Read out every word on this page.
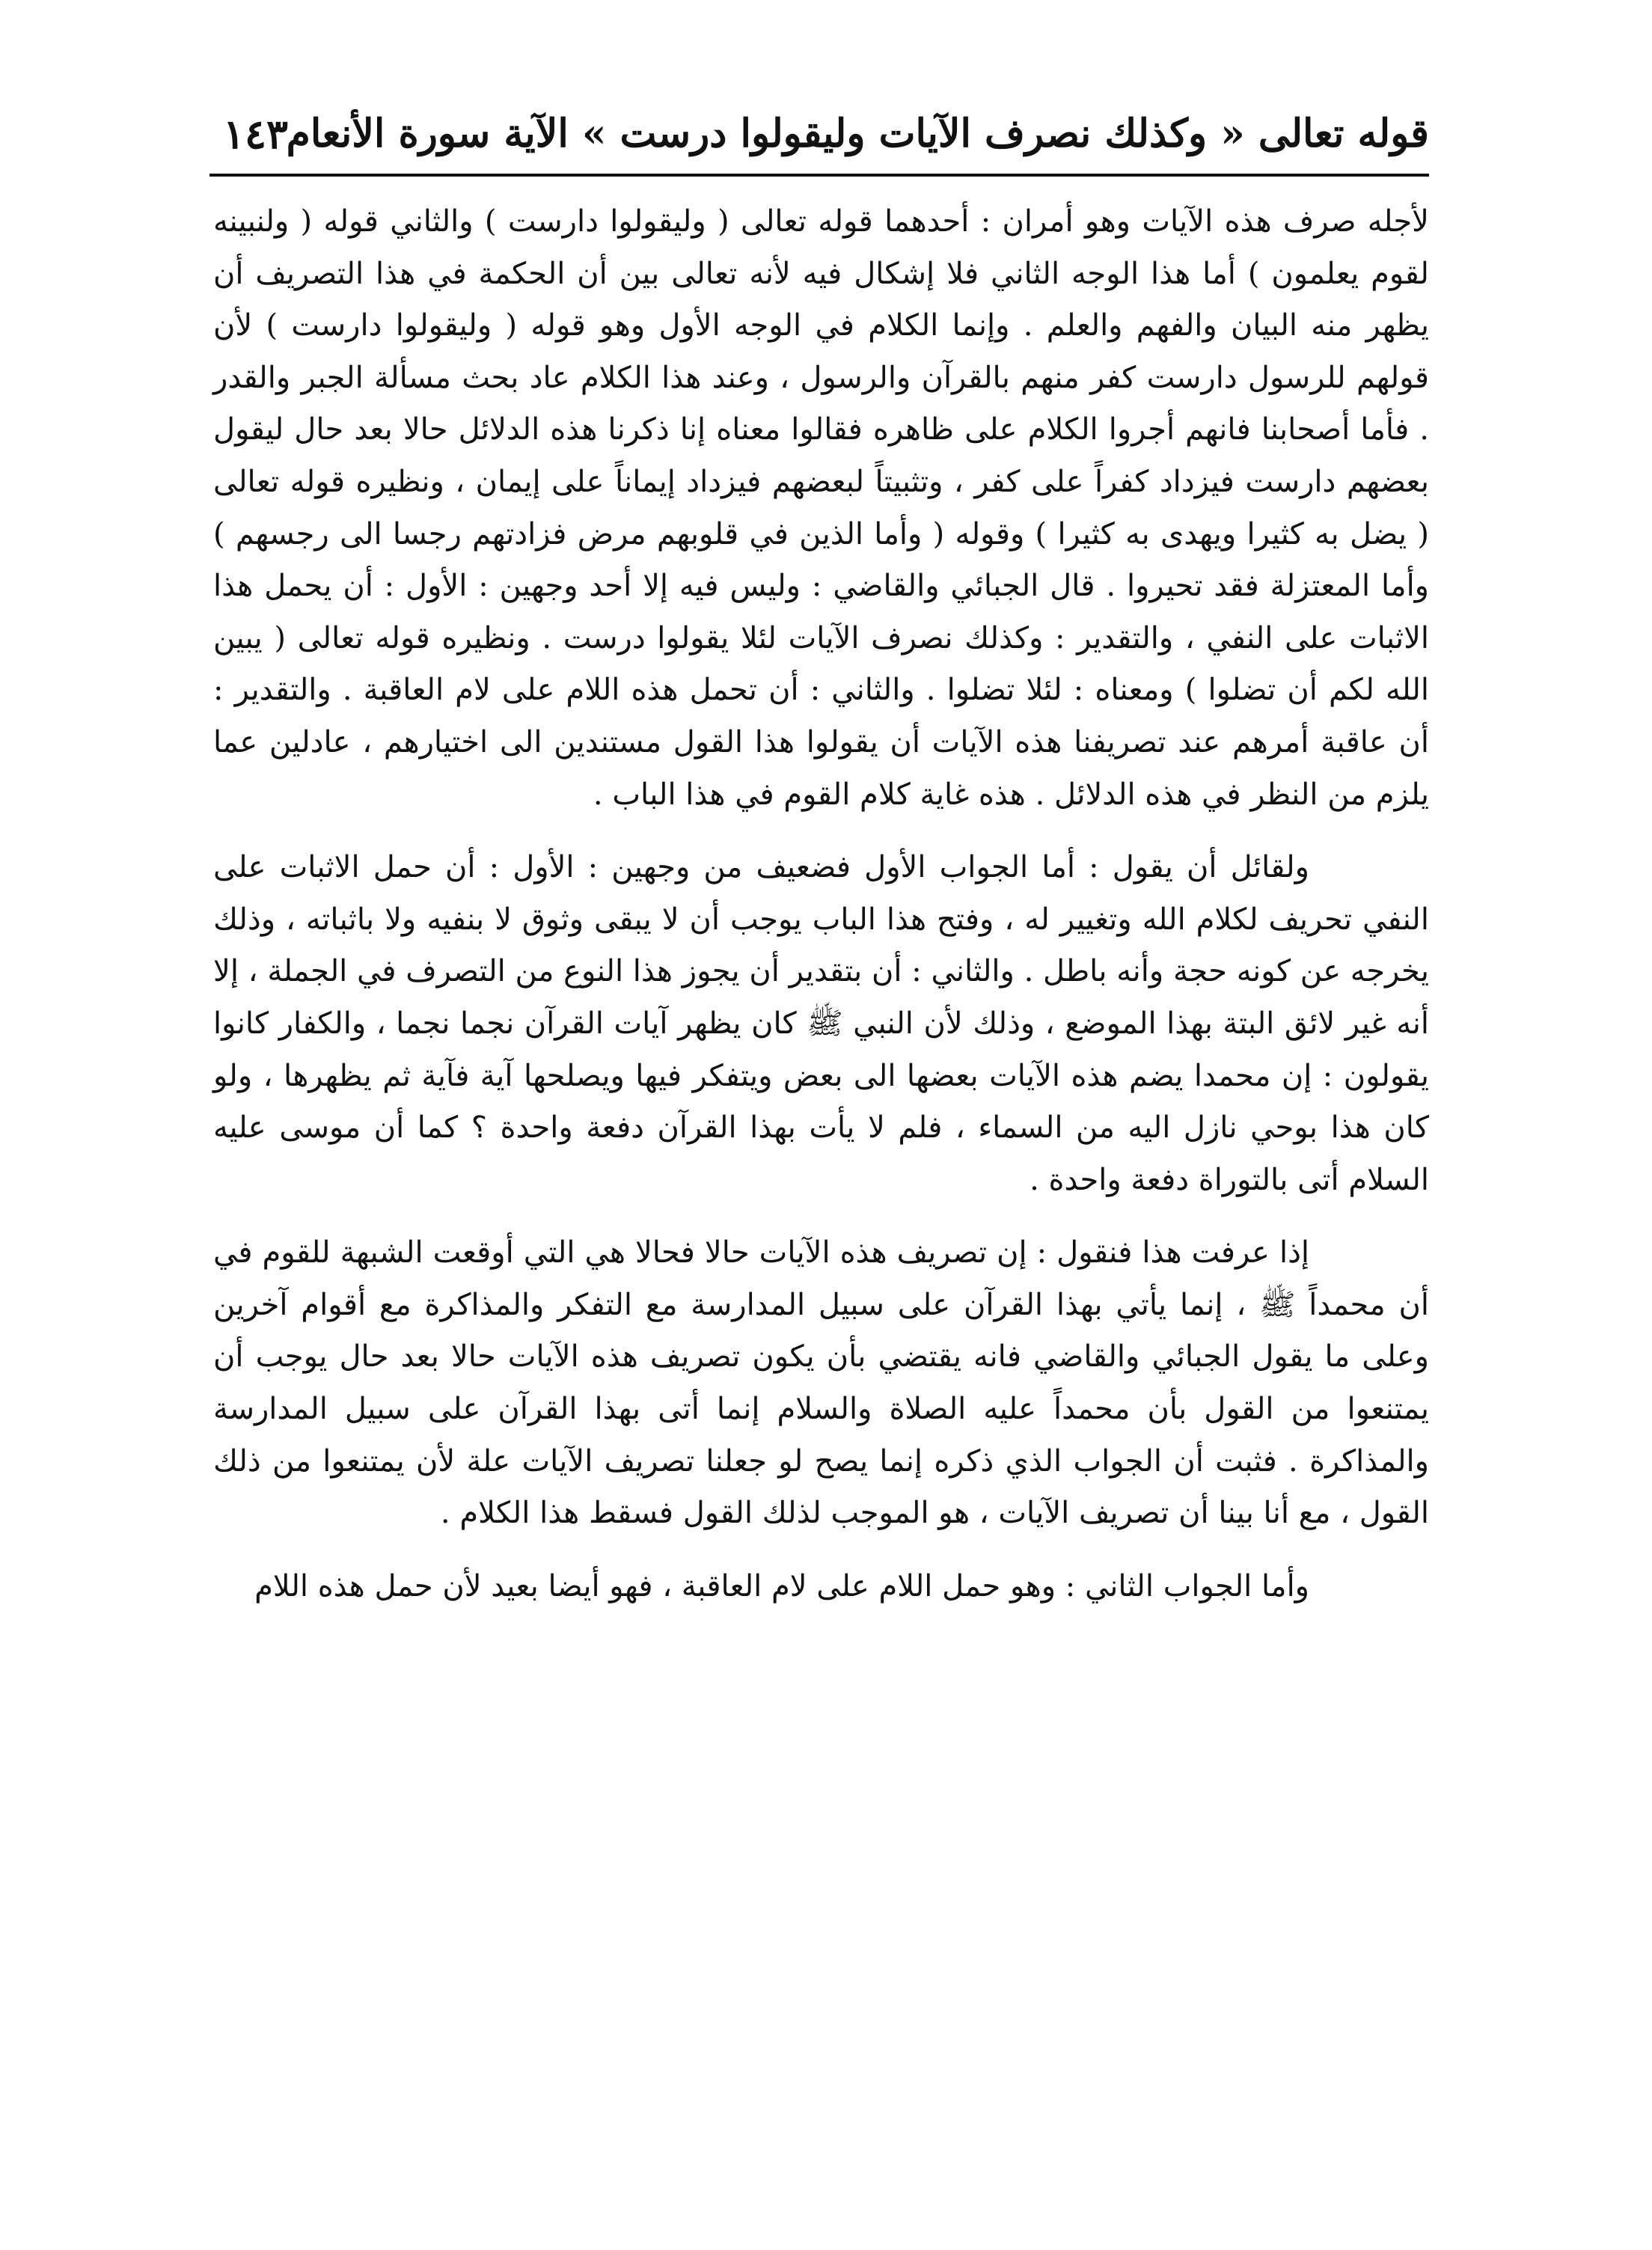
قوله تعالى « وكذلك نصرف الآيات وليقولوا درست » الآية سورة الأنعام
١٤٣

لأجله صرف هذه الآيات وهو أمران : أحدهما قوله تعالى ( وليقولوا دارست ) والثاني قوله ( ولنبينه لقوم يعلمون ) أما هذا الوجه الثاني فلا إشكال فيه لأنه تعالى بين أن الحكمة في هذا التصريف أن يظهر منه البيان والفهم والعلم . وإنما الكلام في الوجه الأول وهو قوله ( وليقولوا دارست ) لأن قولهم للرسول دارست كفر منهم بالقرآن والرسول ، وعند هذا الكلام عاد بحث مسألة الجبر والقدر . فأما أصحابنا فانهم أجروا الكلام على ظاهره فقالوا معناه إنا ذكرنا هذه الدلائل حالا بعد حال ليقول بعضهم دارست فيزداد كفراً على كفر ، وتثبيتاً لبعضهم فيزداد إيماناً على إيمان ، ونظيره قوله تعالى ( يضل به كثيرا ويهدى به كثيرا ) وقوله ( وأما الذين في قلوبهم مرض فزادتهم رجسا الى رجسهم ) وأما المعتزلة فقد تحيروا . قال الجبائي والقاضي : وليس فيه إلا أحد وجهين : الأول : أن يحمل هذا الاثبات على النفي ، والتقدير : وكذلك نصرف الآيات لئلا يقولوا درست . ونظيره قوله تعالى ( يبين الله لكم أن تضلوا ) ومعناه : لئلا تضلوا . والثاني : أن تحمل هذه اللام على لام العاقبة . والتقدير : أن عاقبة أمرهم عند تصريفنا هذه الآيات أن يقولوا هذا القول مستندين الى اختيارهم ، عادلين عما يلزم من النظر في هذه الدلائل . هذه غاية كلام القوم في هذا الباب .

ولقائل أن يقول : أما الجواب الأول فضعيف من وجهين : الأول : أن حمل الاثبات على النفي تحريف لكلام الله وتغيير له ، وفتح هذا الباب يوجب أن لا يبقى وثوق لا بنفيه ولا باثباته ، وذلك يخرجه عن كونه حجة وأنه باطل . والثاني : أن بتقدير أن يجوز هذا النوع من التصرف في الجملة ، إلا أنه غير لائق البتة بهذا الموضع ، وذلك لأن النبي ﷺ كان يظهر آيات القرآن نجما نجما ، والكفار كانوا يقولون : إن محمدا يضم هذه الآيات بعضها الى بعض ويتفكر فيها ويصلحها آية فآية ثم يظهرها ، ولو كان هذا بوحي نازل اليه من السماء ، فلم لا يأت بهذا القرآن دفعة واحدة ؟ كما أن موسى عليه السلام أتى بالتوراة دفعة واحدة .

إذا عرفت هذا فنقول : إن تصريف هذه الآيات حالا فحالا هي التي أوقعت الشبهة للقوم في أن محمداً ﷺ ، إنما يأتي بهذا القرآن على سبيل المدارسة مع التفكر والمذاكرة مع أقوام آخرين وعلى ما يقول الجبائي والقاضي فانه يقتضي بأن يكون تصريف هذه الآيات حالا بعد حال يوجب أن يمتنعوا من القول بأن محمداً عليه الصلاة والسلام إنما أتى بهذا القرآن على سبيل المدارسة والمذاكرة . فثبت أن الجواب الذي ذكره إنما يصح لو جعلنا تصريف الآيات علة لأن يمتنعوا من ذلك القول ، مع أنا بينا أن تصريف الآيات ، هو الموجب لذلك القول فسقط هذا الكلام .

وأما الجواب الثاني : وهو حمل اللام على لام العاقبة ، فهو أيضا بعيد لأن حمل هذه اللام
